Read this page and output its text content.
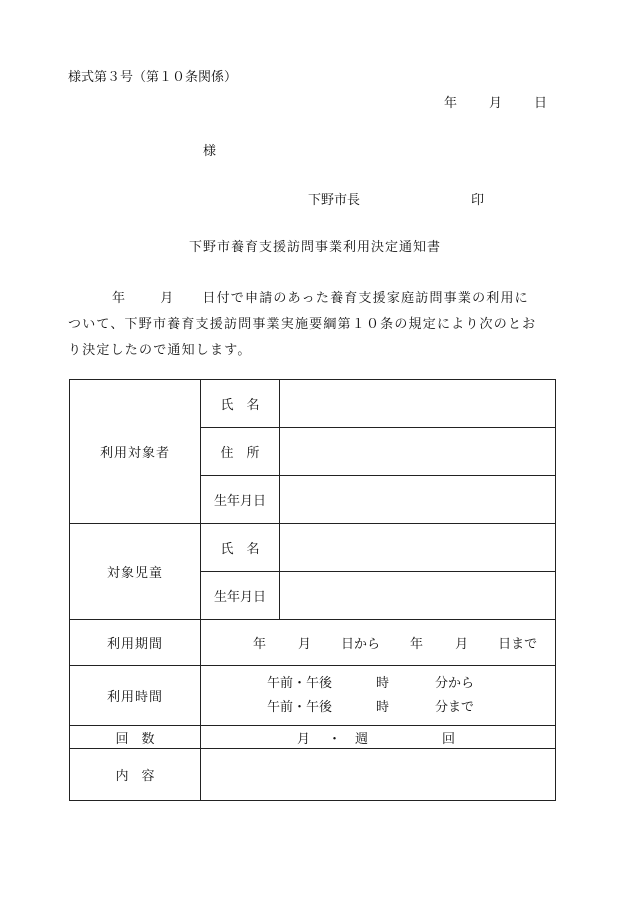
様式第３号（第１０条関係）
年 月 日
様
下野市長	印
下野市養育支援訪問事業利用決定通知書
年	月 日付で申請のあった養育支援家庭訪問事業の利用に
ついて、下野市養育支援訪問事業実施要綱第１０条の規定により次のとお
り決定したので通知します。
利用対象者	氏　名	
	住　所	
	生年月日	
対象児童	氏　名	
	生年月日	
利用期間	年 月 日から 年 月 日まで	
利用時間	午前・午後 時 分から
午前・午後 時 分まで	

回　数	月 ・ 週 回	
内　容		
